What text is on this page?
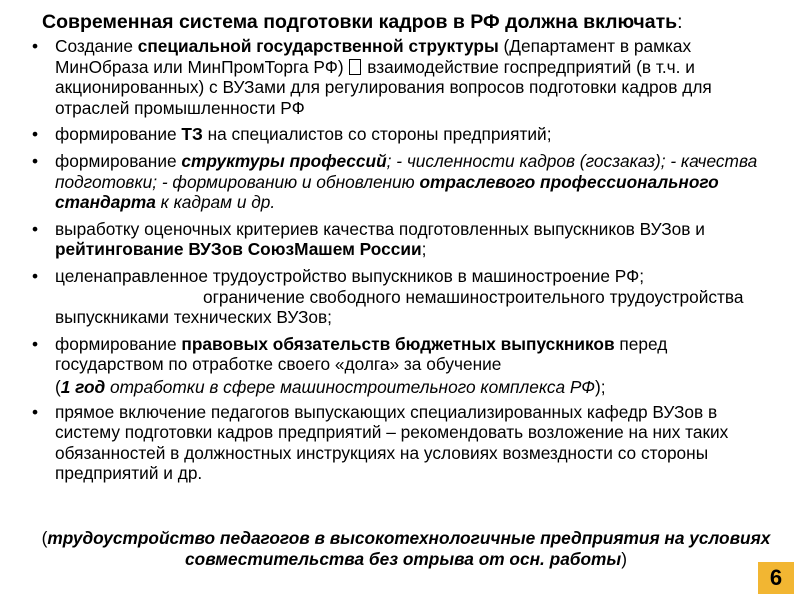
Современная система подготовки кадров в РФ должна включать:
• Создание специальной государственной структуры (Департамент в рамках МинОбраза или МинПромТорга РФ)  взаимодействие госпредприятий (в т.ч. и акционированных) с ВУЗами для регулирования вопросов подготовки кадров для отраслей промышленности РФ
• формирование ТЗ на специалистов со стороны предприятий;
• формирование структуры профессий; - численности кадров (госзаказ); - качества подготовки; - формированию и обновлению отраслевого профессионального стандарта к кадрам и др.
• выработку оценочных критериев качества подготовленных выпускников ВУЗов и рейтингование ВУЗов СоюзМашем России;
• целенаправленное трудоустройство выпускников в машиностроение РФ;ограничение свободного немашиностроительного трудоустройства выпускниками технических ВУЗов;
• формирование правовых обязательств бюджетных выпускников перед государством по отработке своего «долга» за обучение
(1 год отработки в сфере машиностроительного комплекса РФ);
• прямое включение педагогов выпускающих специализированных кафедр ВУЗов в систему подготовки кадров предприятий – рекомендовать возложение на них таких обязанностей в должностных инструкциях на условиях возмездности со стороны предприятий и др.
(трудоустройство педагогов в высокотехнологичные предприятия на условиях совместительства без отрыва от осн. работы)
6
